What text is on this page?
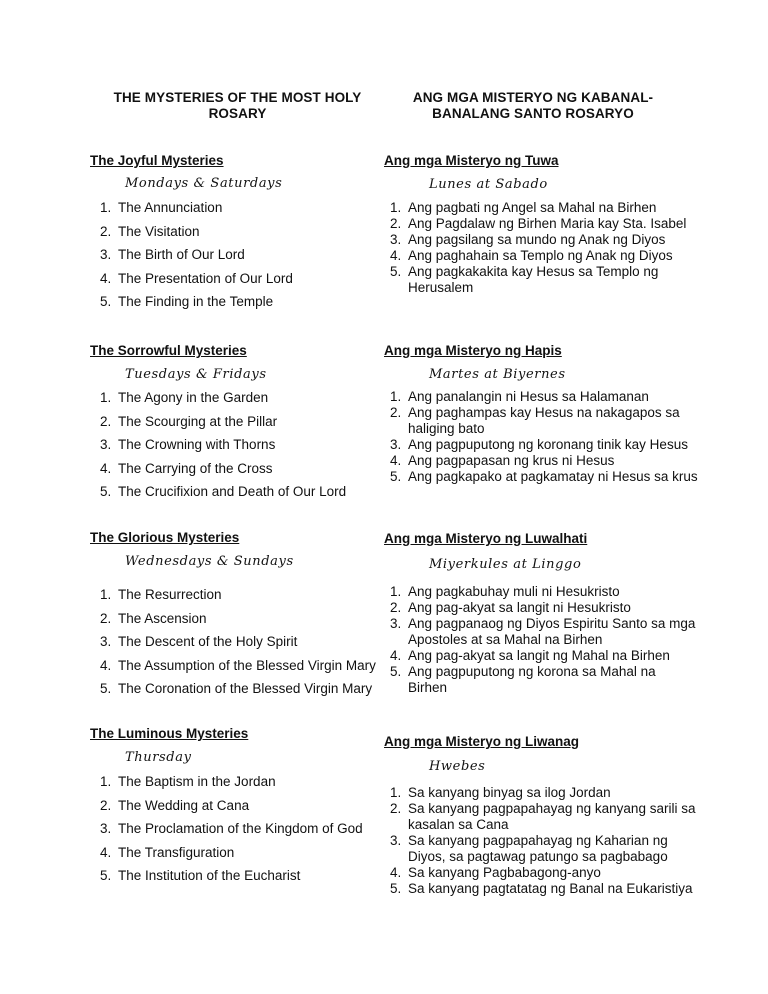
THE MYSTERIES OF THE MOST HOLY ROSARY
The Joyful Mysteries
Mondays & Saturdays
1. The Annunciation
2. The Visitation
3. The Birth of Our Lord
4. The Presentation of Our Lord
5. The Finding in the Temple
The Sorrowful Mysteries
Tuesdays & Fridays
1. The Agony in the Garden
2. The Scourging at the Pillar
3. The Crowning with Thorns
4. The Carrying of the Cross
5. The Crucifixion and Death of Our Lord
The Glorious Mysteries
Wednesdays & Sundays
1. The Resurrection
2. The Ascension
3. The Descent of the Holy Spirit
4. The Assumption of the Blessed Virgin Mary
5. The Coronation of the Blessed Virgin Mary
The Luminous Mysteries
Thursday
1. The Baptism in the Jordan
2. The Wedding at Cana
3. The Proclamation of the Kingdom of God
4. The Transfiguration
5. The Institution of the Eucharist
ANG MGA MISTERYO NG KABANAL-BANALANG SANTO ROSARYO
Ang mga Misteryo ng Tuwa
Lunes at Sabado
1. Ang pagbati ng Angel sa Mahal na Birhen
2. Ang Pagdalaw ng Birhen Maria kay Sta. Isabel
3. Ang pagsilang sa mundo ng Anak ng Diyos
4. Ang paghahain sa Templo ng Anak ng Diyos
5. Ang pagkakakita kay Hesus sa Templo ng Herusalem
Ang mga Misteryo ng Hapis
Martes at Biyernes
1. Ang panalangin ni Hesus sa Halamanan
2. Ang paghampas kay Hesus na nakagapos sa haliging bato
3. Ang pagpuputong ng koronang tinik kay Hesus
4. Ang pagpapasan ng krus ni Hesus
5. Ang pagkapako at pagkamatay ni Hesus sa krus
Ang mga Misteryo ng Luwalhati
Miyerkules at Linggo
1. Ang pagkabuhay muli ni Hesukristo
2. Ang pag-akyat sa langit ni Hesukristo
3. Ang pagpanaog ng Diyos Espiritu Santo sa mga Apostoles at sa Mahal na Birhen
4. Ang pag-akyat sa langit ng Mahal na Birhen
5. Ang pagpuputong ng korona sa Mahal na Birhen
Ang mga Misteryo ng Liwanag
Hwebes
1. Sa kanyang binyag sa ilog Jordan
2. Sa kanyang pagpapahayag ng kanyang sarili sa kasalan sa Cana
3. Sa kanyang pagpapahayag ng Kaharian ng Diyos, sa pagtawag patungo sa pagbabago
4. Sa kanyang Pagbabagong-anyo
5. Sa kanyang pagtatatag ng Banal na Eukaristiya
